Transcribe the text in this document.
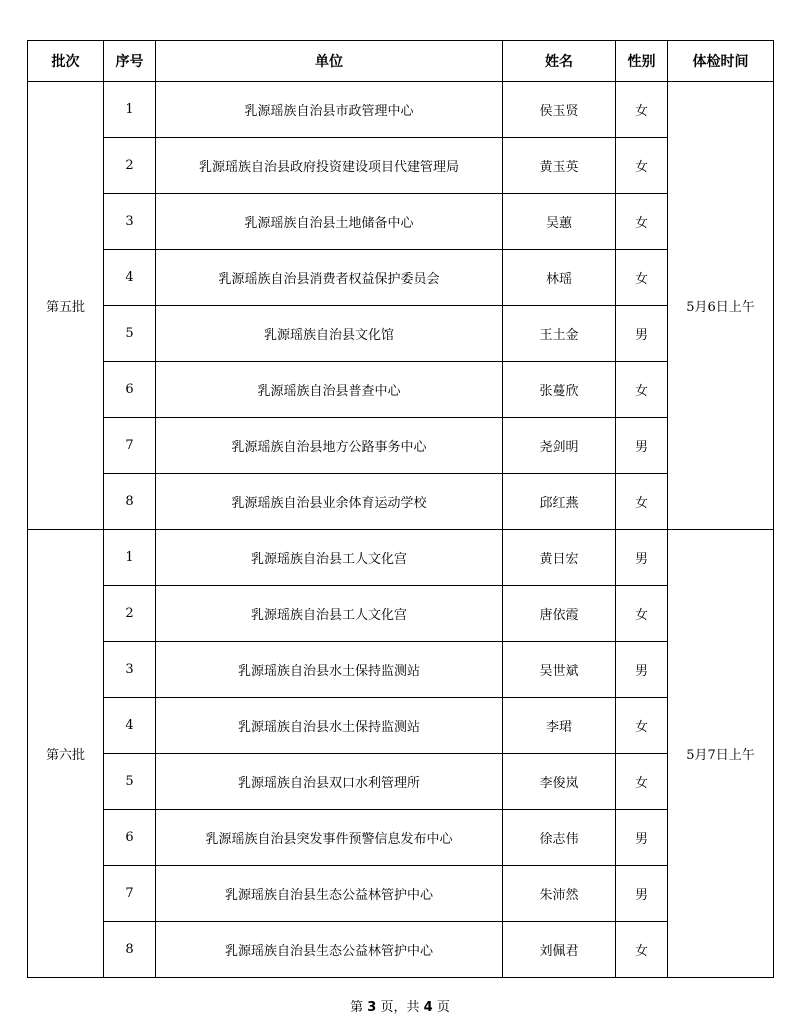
批次	序号	单位	姓名	性别	体检时间
第五批	1	乳源瑶族自治县市政管理中心	侯玉贤	女	5月6日上午
	2	乳源瑶族自治县政府投资建设项目代建管理局	黄玉英	女	
	3	乳源瑶族自治县土地储备中心	吴蕙	女	
	4	乳源瑶族自治县消费者权益保护委员会	林瑶	女	
	5	乳源瑶族自治县文化馆	王土金	男	
	6	乳源瑶族自治县普查中心	张蔓欣	女	
	7	乳源瑶族自治县地方公路事务中心	尧剑明	男	
	8	乳源瑶族自治县业余体育运动学校	邱红燕	女	
第六批	1	乳源瑶族自治县工人文化宫	黄日宏	男	5月7日上午
	2	乳源瑶族自治县工人文化宫	唐依霞	女	
	3	乳源瑶族自治县水土保持监测站	吴世斌	男	
	4	乳源瑶族自治县水土保持监测站	李珺	女	
	5	乳源瑶族自治县双口水利管理所	李俊岚	女	
	6	乳源瑶族自治县突发事件预警信息发布中心	徐志伟	男	
	7	乳源瑶族自治县生态公益林管护中心	朱沛然	男	
	8	乳源瑶族自治县生态公益林管护中心	刘佩君	女	
第 3 页，共 4 页
